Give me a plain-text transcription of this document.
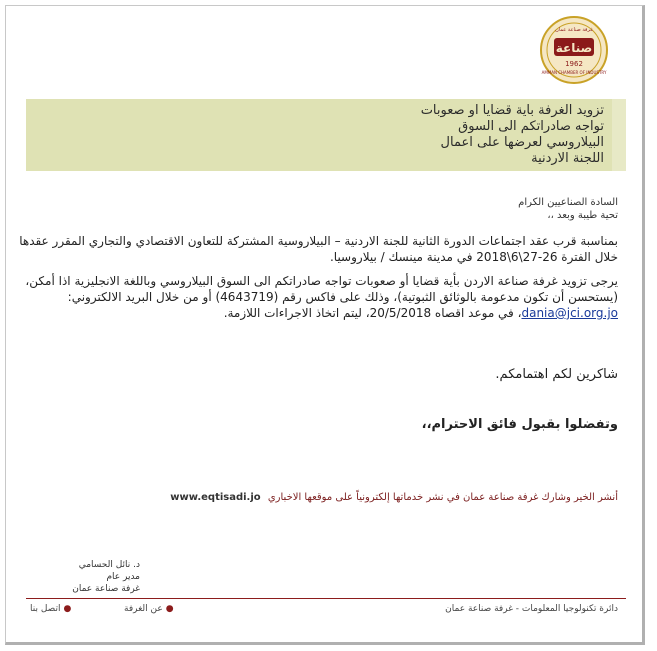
صناعة
1962
AMMAN CHAMBER OF INDUSTRY
غرفة صناعة عمان
تزويد الغرفة باية قضايا او صعوبات
تواجه صادراتكم الى السوق
البيلاروسي لعرضها على اعمال
اللجنة الاردنية
السادة الصناعيين الكرام
تحية طيبة وبعد ،،
بمناسبة قرب عقد اجتماعات الدورة الثانية للجنة الاردنية – البيلاروسية المشتركة للتعاون الاقتصادي والتجاري المقرر عقدها خلال الفترة 26-27\6\2018 في مدينة مينسك / بيلاروسيا.
يرجى تزويد غرفة صناعة الاردن بأية قضايا أو صعوبات تواجه صادراتكم الى السوق البيلاروسي وباللغة الانجليزية اذا أمكن، (يستحسن أن تكون مدعومة بالوثائق الثبوتية)، وذلك على فاكس رقم (4643719) أو من خلال البريد الالكتروني: dania@jci.org.jo، في موعد اقصاه 20/5/2018، ليتم اتخاذ الاجراءات اللازمة.
شاكرين لكم اهتمامكم.
وتفضلوا بقبول فائق الاحترام،،
أنشر الخير وشارك غرفة صناعة عمان في نشر خدماتها إلكترونياً على موقعها الاخباري www.eqtisadi.jo
د. نائل الحسامي
مدير عام
غرفة صناعة عمان
دائرة تكنولوجيا المعلومات - غرفة صناعة عمان
●عن الغرفة
●اتصل بنا
